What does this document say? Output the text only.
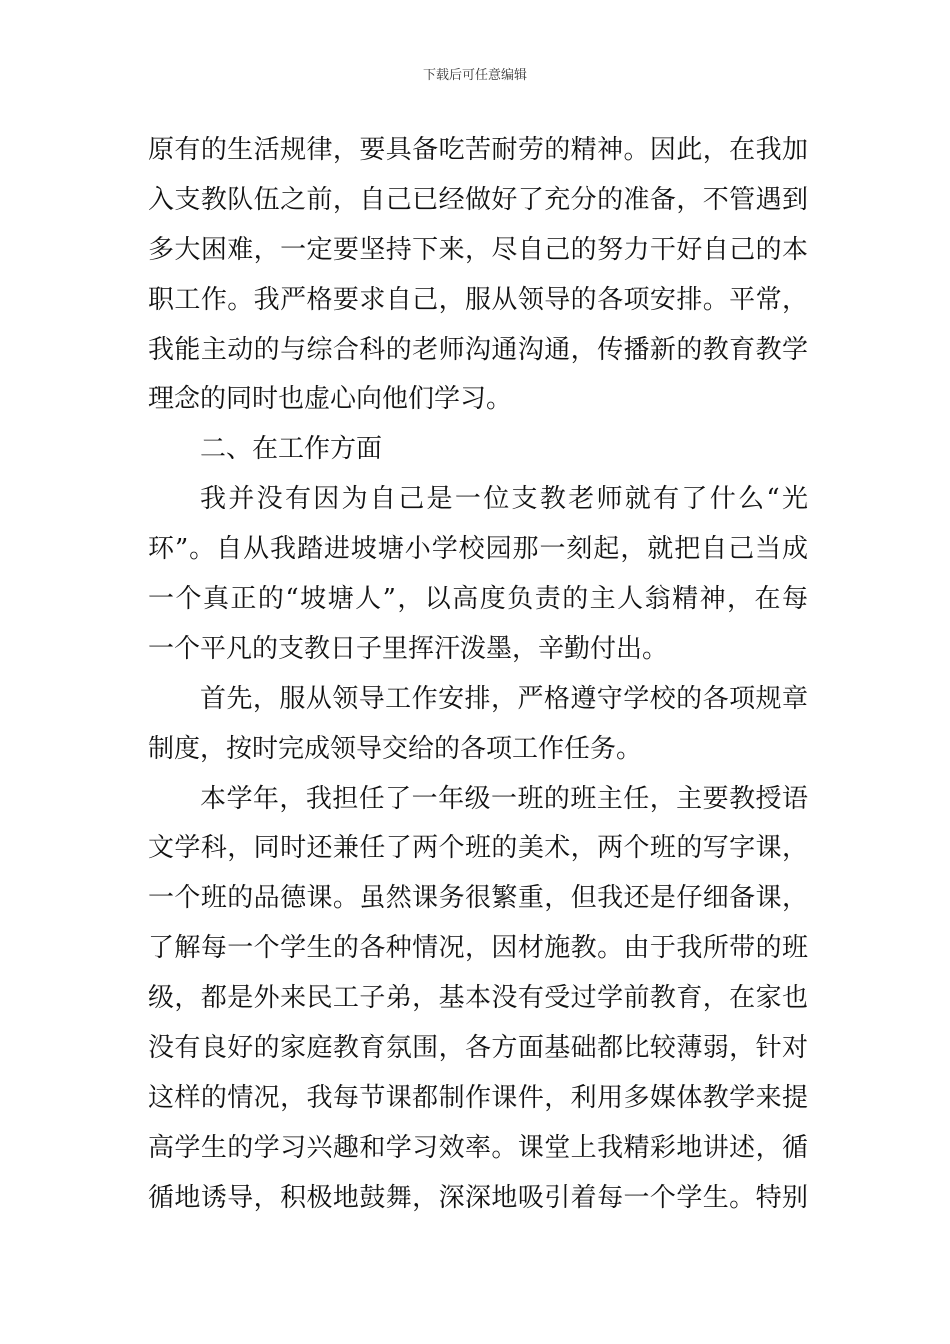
下载后可任意编辑
原有的生活规律，要具备吃苦耐劳的精神。因此，在我加
入支教队伍之前，自己已经做好了充分的准备，不管遇到
多大困难，一定要坚持下来，尽自己的努力干好自己的本
职工作。我严格要求自己，服从领导的各项安排。平常，
我能主动的与综合科的老师沟通沟通，传播新的教育教学
理念的同时也虚心向他们学习。
二、在工作方面
我并没有因为自己是一位支教老师就有了什么“光
环”。自从我踏进坡塘小学校园那一刻起，就把自己当成
一个真正的“坡塘人”，以高度负责的主人翁精神，在每
一个平凡的支教日子里挥汗泼墨，辛勤付出。
首先，服从领导工作安排，严格遵守学校的各项规章
制度，按时完成领导交给的各项工作任务。
本学年，我担任了一年级一班的班主任，主要教授语
文学科，同时还兼任了两个班的美术，两个班的写字课，
一个班的品德课。虽然课务很繁重，但我还是仔细备课，
了解每一个学生的各种情况，因材施教。由于我所带的班
级，都是外来民工子弟，基本没有受过学前教育，在家也
没有良好的家庭教育氛围，各方面基础都比较薄弱，针对
这样的情况，我每节课都制作课件，利用多媒体教学来提
高学生的学习兴趣和学习效率。课堂上我精彩地讲述，循
循地诱导，积极地鼓舞，深深地吸引着每一个学生。特别
